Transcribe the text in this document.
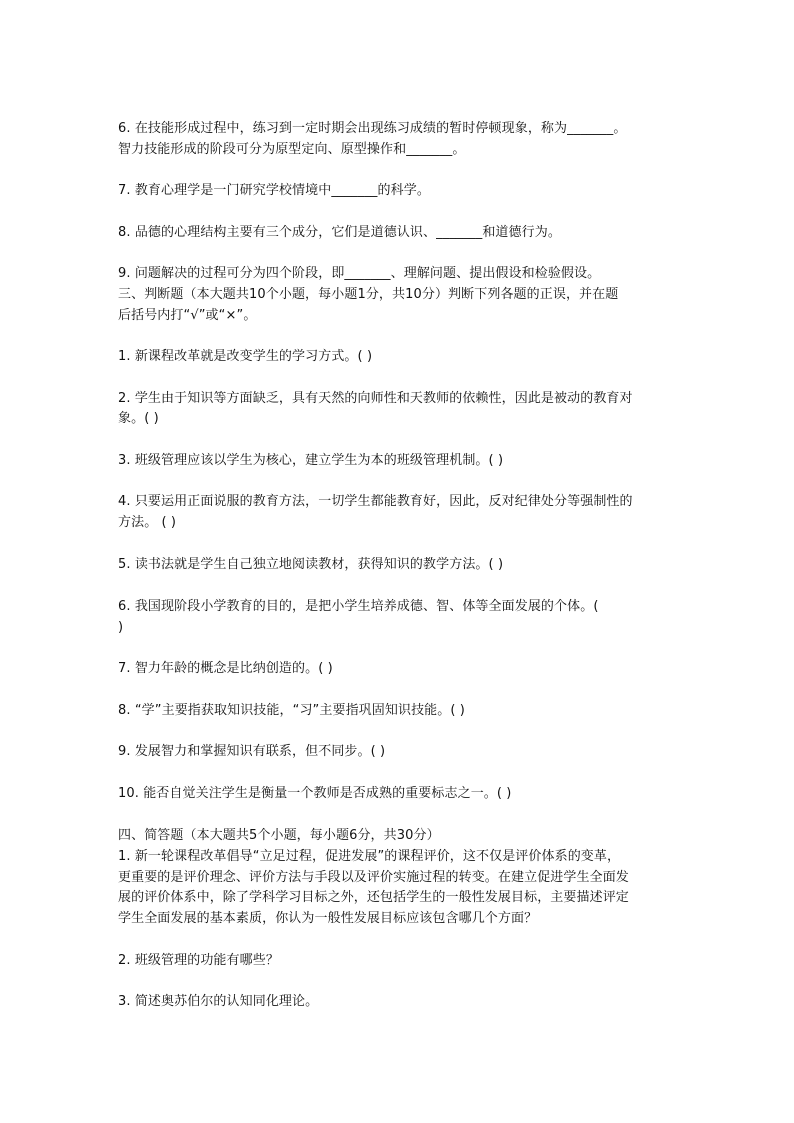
6. 在技能形成过程中，练习到一定时期会出现练习成绩的暂时停顿现象，称为_______。
智力技能形成的阶段可分为原型定向、原型操作和_______。
7. 教育心理学是一门研究学校情境中_______的科学。
8. 品德的心理结构主要有三个成分，它们是道德认识、_______和道德行为。
9. 问题解决的过程可分为四个阶段，即_______、理解问题、提出假设和检验假设。
三、判断题（本大题共10个小题，每小题1分，共10分）判断下列各题的正误，并在题
后括号内打“√”或“×”。
1. 新课程改革就是改变学生的学习方式。( )
2. 学生由于知识等方面缺乏，具有天然的向师性和天教师的依赖性，因此是被动的教育对
象。( )
3. 班级管理应该以学生为核心，建立学生为本的班级管理机制。( )
4. 只要运用正面说服的教育方法，一切学生都能教育好，因此，反对纪律处分等强制性的
方法。 ( )
5. 读书法就是学生自己独立地阅读教材，获得知识的教学方法。( )
6. 我国现阶段小学教育的目的，是把小学生培养成德、智、体等全面发展的个体。(
)
7. 智力年龄的概念是比纳创造的。( )
8. “学”主要指获取知识技能，“习”主要指巩固知识技能。( )
9. 发展智力和掌握知识有联系，但不同步。( )
10. 能否自觉关注学生是衡量一个教师是否成熟的重要标志之一。( )
四、简答题（本大题共5个小题，每小题6分，共30分）
1. 新一轮课程改革倡导“立足过程，促进发展”的课程评价，这不仅是评价体系的变革，
更重要的是评价理念、评价方法与手段以及评价实施过程的转变。在建立促进学生全面发
展的评价体系中，除了学科学习目标之外，还包括学生的一般性发展目标，主要描述评定
学生全面发展的基本素质，你认为一般性发展目标应该包含哪几个方面？
2. 班级管理的功能有哪些？
3. 简述奥苏伯尔的认知同化理论。
